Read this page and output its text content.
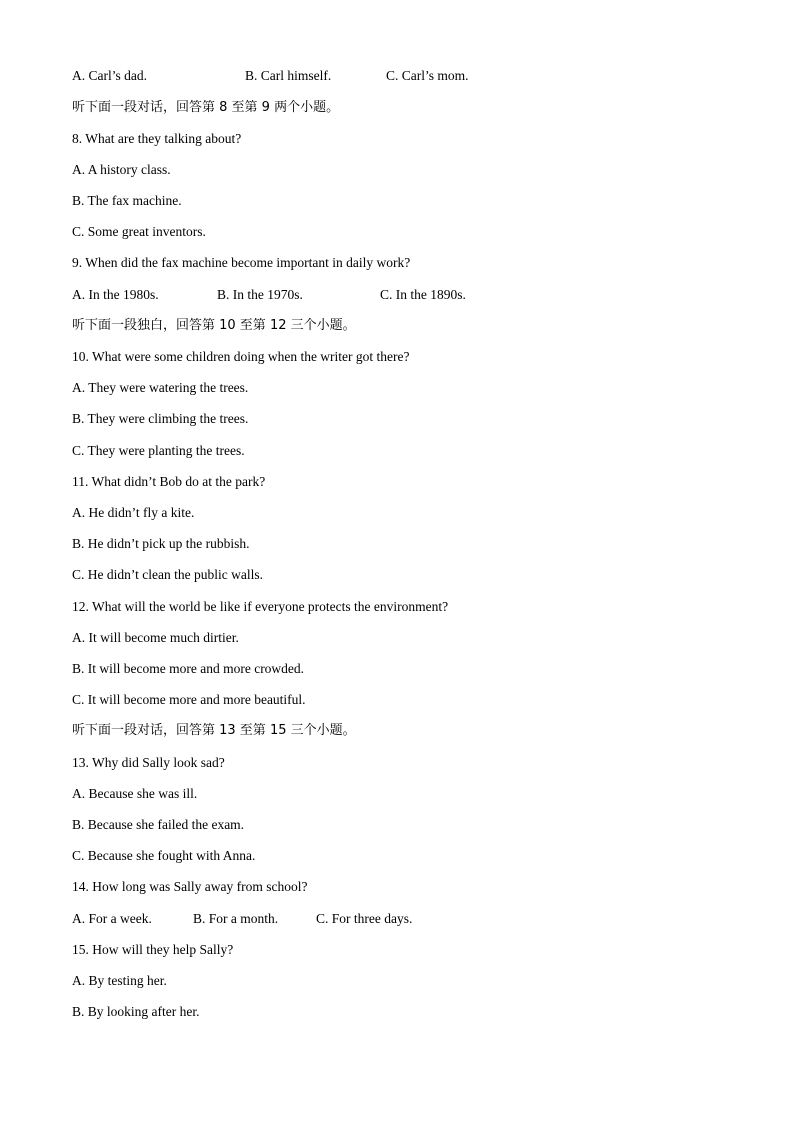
A. Carl’s dad.	B. Carl himself.	C. Carl’s mom.
听下面一段对话，回答第 8 至第 9 两个小题。
8. What are they talking about?
A. A history class.
B. The fax machine.
C. Some great inventors.
9. When did the fax machine become important in daily work?
A. In the 1980s.	B. In the 1970s.	C. In the 1890s.
听下面一段独白，回答第 10 至第 12 三个小题。
10. What were some children doing when the writer got there?
A. They were watering the trees.
B. They were climbing the trees.
C. They were planting the trees.
11. What didn’t Bob do at the park?
A. He didn’t fly a kite.
B. He didn’t pick up the rubbish.
C. He didn’t clean the public walls.
12. What will the world be like if everyone protects the environment?
A. It will become much dirtier.
B. It will become more and more crowded.
C. It will become more and more beautiful.
听下面一段对话，回答第 13 至第 15 三个小题。
13. Why did Sally look sad?
A. Because she was ill.
B. Because she failed the exam.
C. Because she fought with Anna.
14. How long was Sally away from school?
A. For a week.	B. For a month.	C. For three days.
15. How will they help Sally?
A. By testing her.
B. By looking after her.
